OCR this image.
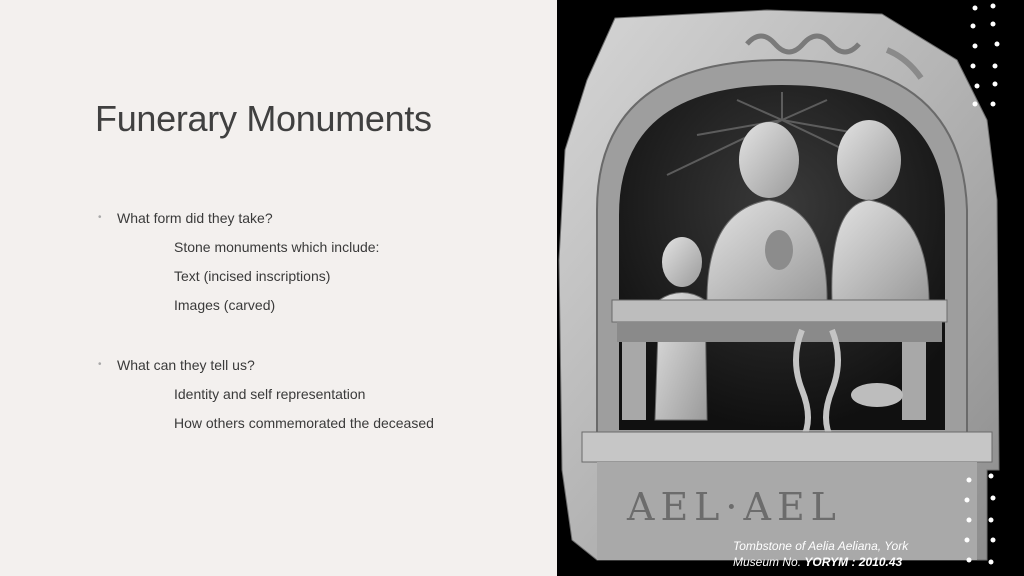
Funerary Monuments
• What form did they take?
Stone monuments which include:
Text (incised inscriptions)
Images (carved)
• What can they tell us?
Identity and self representation
How others commemorated the deceased
AEL·AEL
Tombstone of Aelia Aeliana, York
Museum No. YORYM : 2010.43
